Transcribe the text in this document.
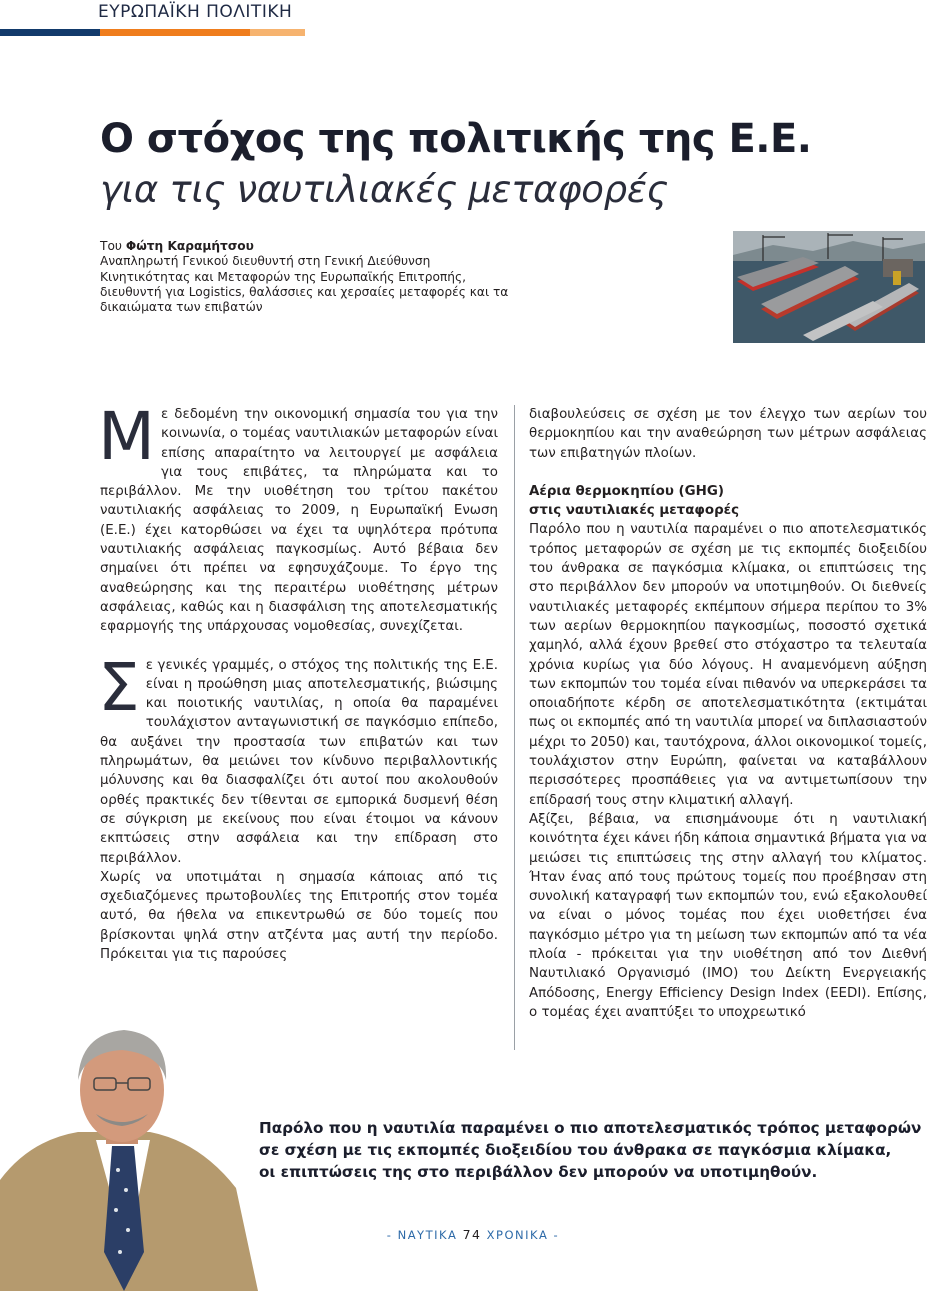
ΕΥΡΩΠΑΪΚΗ ΠΟΛΙΤΙΚΗ
Ο στόχος της πολιτικής της Ε.Ε.
για τις ναυτιλιακές μεταφορές
Του Φώτη Καραμήτσου
Αναπληρωτή Γενικού διευθυντή στη Γενική Διεύθυνση Κινητικότητας και Μεταφορών της Ευρωπαϊκής Επιτροπής, διευθυντή για Logistics, θαλάσσιες και χερσαίες μεταφορές και τα δικαιώματα των επιβατών

Με δεδομένη την οικονομική σημασία του για την κοινωνία, ο τομέας ναυτιλιακών μεταφορών είναι επίσης απαραίτητο να λειτουργεί με ασφάλεια για τους επιβάτες, τα πληρώματα και το περιβάλλον. Με την υιοθέτηση του τρίτου πακέτου ναυτιλιακής ασφάλειας το 2009, η Ευρωπαϊκή Ενωση (Ε.Ε.) έχει κατορθώσει να έχει τα υψηλότερα πρότυπα ναυτιλιακής ασφάλειας παγκοσμίως. Αυτό βέβαια δεν σημαίνει ότι πρέπει να εφησυχάζουμε. Το έργο της αναθεώρησης και της περαιτέρω υιοθέτησης μέτρων ασφάλειας, καθώς και η διασφάλιση της αποτελεσματικής εφαρμογής της υπάρχουσας νομοθεσίας, συνεχίζεται.

Σε γενικές γραμμές, ο στόχος της πολιτικής της Ε.Ε. είναι η προώθηση μιας αποτελεσματικής, βιώσιμης και ποιοτικής ναυτιλίας, η οποία θα παραμένει τουλάχιστον ανταγωνιστική σε παγκόσμιο επίπεδο, θα αυξάνει την προστασία των επιβατών και των πληρωμάτων, θα μειώνει τον κίνδυνο περιβαλλοντικής μόλυνσης και θα διασφαλίζει ότι αυτοί που ακολουθούν ορθές πρακτικές δεν τίθενται σε εμπορικά δυσμενή θέση σε σύγκριση με εκείνους που είναι έτοιμοι να κάνουν εκπτώσεις στην ασφάλεια και την επίδραση στο περιβάλλον.

Χωρίς να υποτιμάται η σημασία κάποιας από τις σχεδιαζόμενες πρωτοβουλίες της Επιτροπής στον τομέα αυτό, θα ήθελα να επικεντρωθώ σε δύο τομείς που βρίσκονται ψηλά στην ατζέντα μας αυτή την περίοδο. Πρόκειται για τις παρούσες

διαβουλεύσεις σε σχέση με τον έλεγχο των αερίων του θερμοκηπίου και την αναθεώρηση των μέτρων ασφάλειας των επιβατηγών πλοίων.

Αέρια θερμοκηπίου (GHG)

στις ναυτιλιακές μεταφορές

Παρόλο που η ναυτιλία παραμένει ο πιο αποτελεσματικός τρόπος μεταφορών σε σχέση με τις εκπομπές διοξειδίου του άνθρακα σε παγκόσμια κλίμακα, οι επιπτώσεις της στο περιβάλλον δεν μπορούν να υποτιμηθούν. Οι διεθνείς ναυτιλιακές μεταφορές εκπέμπουν σήμερα περίπου το 3% των αερίων θερμοκηπίου παγκοσμίως, ποσοστό σχετικά χαμηλό, αλλά έχουν βρεθεί στο στόχαστρο τα τελευταία χρόνια κυρίως για δύο λόγους. Η αναμενόμενη αύξηση των εκπομπών του τομέα είναι πιθανόν να υπερκεράσει τα οποιαδήποτε κέρδη σε αποτελεσματικότητα (εκτιμάται πως οι εκπομπές από τη ναυτιλία μπορεί να διπλασιαστούν μέχρι το 2050) και, ταυτόχρονα, άλλοι οικονομικοί τομείς, τουλάχιστον στην Ευρώπη, φαίνεται να καταβάλλουν περισσότερες προσπάθειες για να αντιμετωπίσουν την επίδρασή τους στην κλιματική αλλαγή.

Αξίζει, βέβαια, να επισημάνουμε ότι η ναυτιλιακή κοινότητα έχει κάνει ήδη κάποια σημαντικά βήματα για να μειώσει τις επιπτώσεις της στην αλλαγή του κλίματος. Ήταν ένας από τους πρώτους τομείς που προέβησαν στη συνολική καταγραφή των εκπομπών του, ενώ εξακολουθεί να είναι ο μόνος τομέας που έχει υιοθετήσει ένα παγκόσμιο μέτρο για τη μείωση των εκπομπών από τα νέα πλοία - πρόκειται για την υιοθέτηση από τον Διεθνή Ναυτιλιακό Οργανισμό (IMO) του Δείκτη Ενεργειακής Απόδοσης, Energy Efficiency Design Index (EEDI). Επίσης, ο τομέας έχει αναπτύξει το υποχρεωτικό

Παρόλο που η ναυτιλία παραμένει ο πιο αποτελεσματικός τρόπος μεταφορών
σε σχέση με τις εκπομπές διοξειδίου του άνθρακα σε παγκόσμια κλίμακα,
οι επιπτώσεις της στο περιβάλλον δεν μπορούν να υποτιμηθούν.
- ΝΑΥΤΙΚΑ 74 ΧΡΟΝΙΚΑ -
